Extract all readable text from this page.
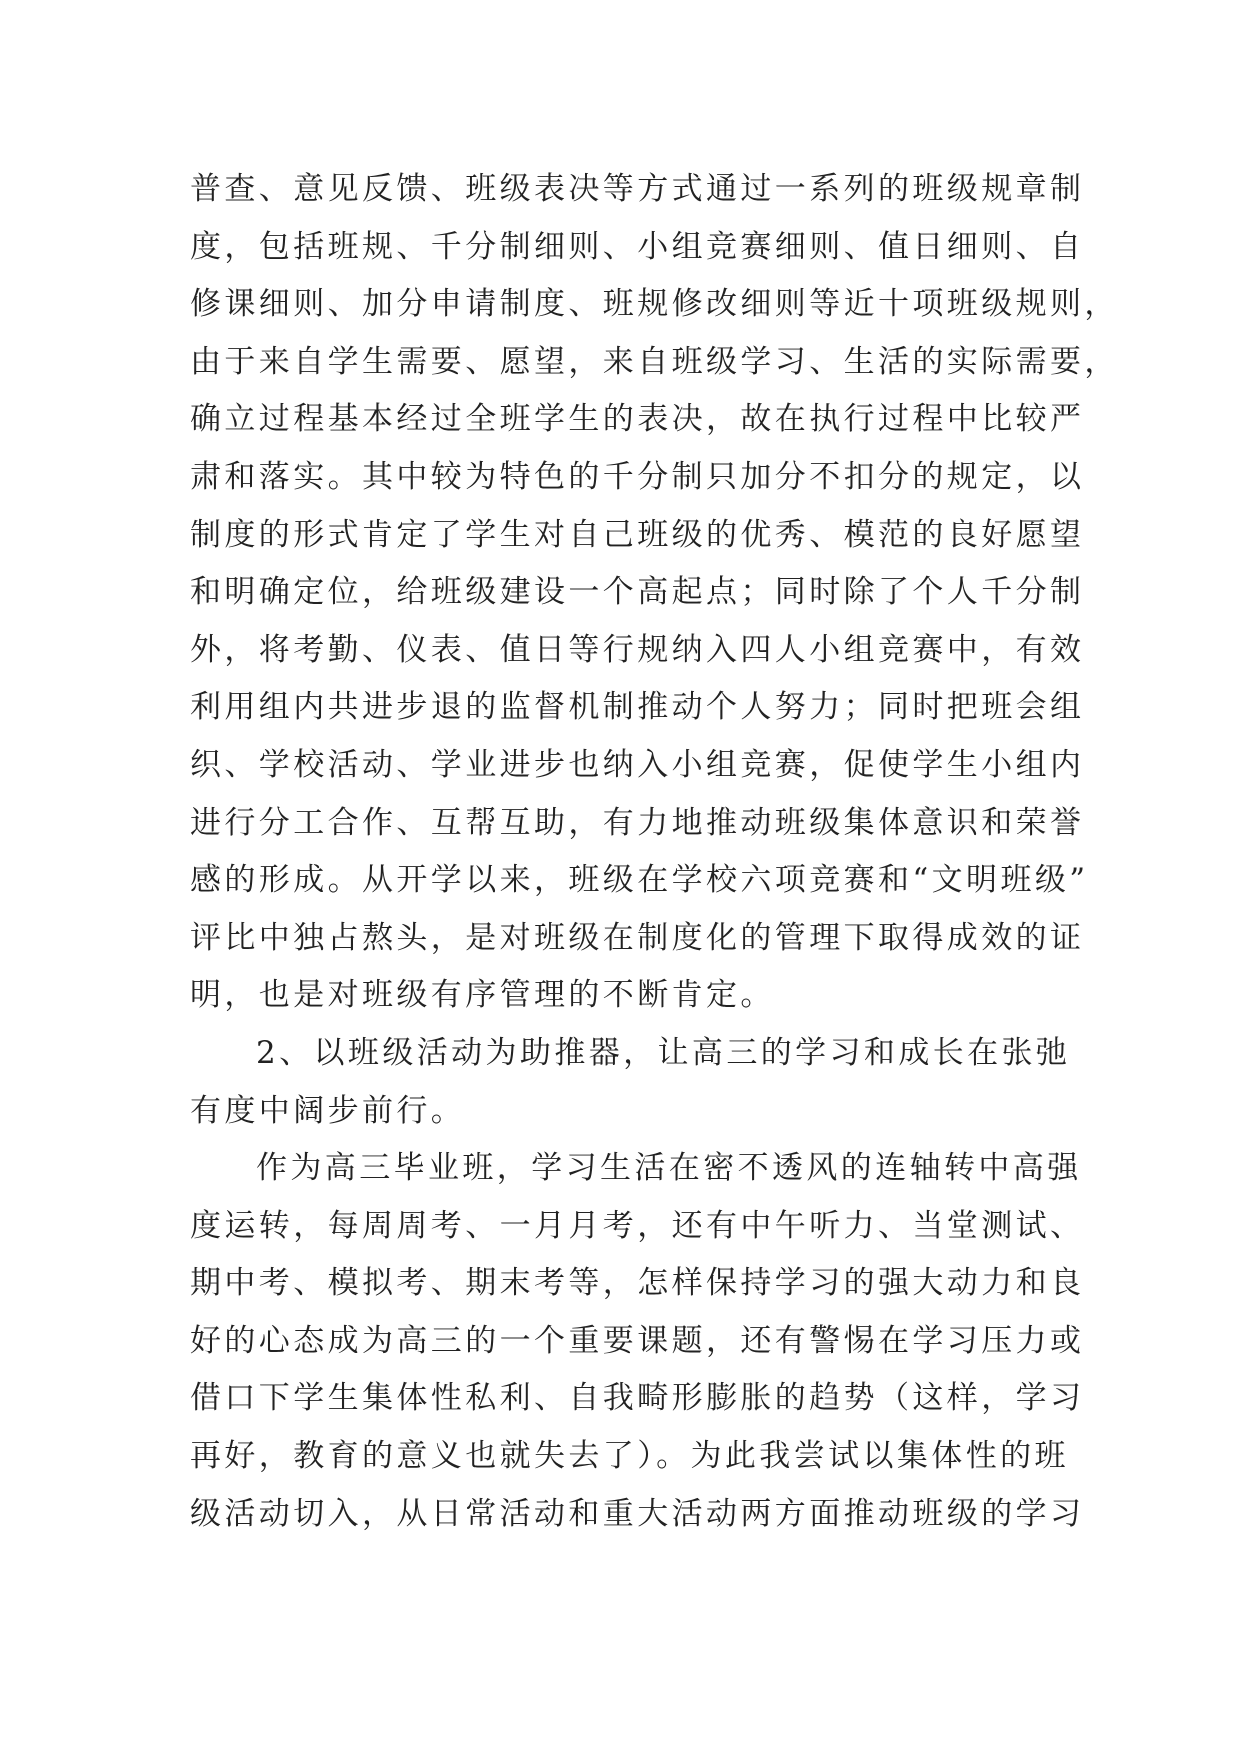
普查、意见反馈、班级表决等方式通过一系列的班级规章制
度，包括班规、千分制细则、小组竞赛细则、值日细则、自
修课细则、加分申请制度、班规修改细则等近十项班级规则，
由于来自学生需要、愿望，来自班级学习、生活的实际需要，
确立过程基本经过全班学生的表决，故在执行过程中比较严
肃和落实。其中较为特色的千分制只加分不扣分的规定，以
制度的形式肯定了学生对自己班级的优秀、模范的良好愿望
和明确定位，给班级建设一个高起点；同时除了个人千分制
外，将考勤、仪表、值日等行规纳入四人小组竞赛中，有效
利用组内共进步退的监督机制推动个人努力；同时把班会组
织、学校活动、学业进步也纳入小组竞赛，促使学生小组内
进行分工合作、互帮互助，有力地推动班级集体意识和荣誉
感的形成。从开学以来，班级在学校六项竞赛和“文明班级”
评比中独占熬头，是对班级在制度化的管理下取得成效的证
明，也是对班级有序管理的不断肯定。
2、以班级活动为助推器，让高三的学习和成长在张弛
有度中阔步前行。
作为高三毕业班，学习生活在密不透风的连轴转中高强
度运转，每周周考、一月月考，还有中午听力、当堂测试、
期中考、模拟考、期末考等，怎样保持学习的强大动力和良
好的心态成为高三的一个重要课题，还有警惕在学习压力或
借口下学生集体性私利、自我畸形膨胀的趋势（这样，学习
再好，教育的意义也就失去了）。为此我尝试以集体性的班
级活动切入，从日常活动和重大活动两方面推动班级的学习
